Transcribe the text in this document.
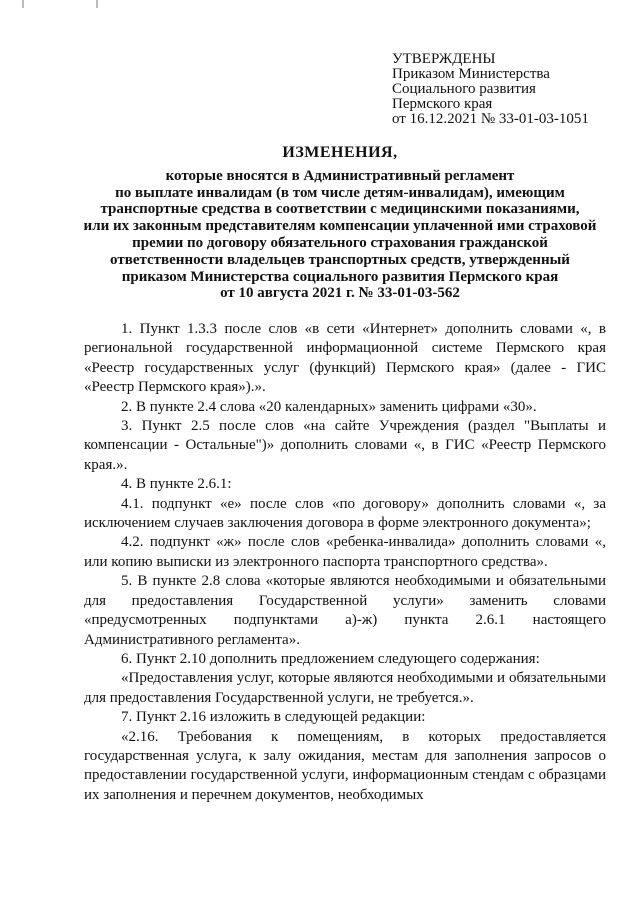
УТВЕРЖДЕНЫ
Приказом Министерства
Социального развития
Пермского края
от 16.12.2021 № 33-01-03-1051
ИЗМЕНЕНИЯ,
которые вносятся в Административный регламент
по выплате инвалидам (в том числе детям-инвалидам), имеющим
транспортные средства в соответствии с медицинскими показаниями,
или их законным представителям компенсации уплаченной ими страховой
премии по договору обязательного страхования гражданской
ответственности владельцев транспортных средств, утвержденный
приказом Министерства социального развития Пермского края
от 10 августа 2021 г. № 33-01-03-562

1. Пункт 1.3.3 после слов «в сети «Интернет» дополнить словами «, в региональной государственной информационной системе Пермского края «Реестр государственных услуг (функций) Пермского края» (далее - ГИС «Реестр Пермского края»).».

2. В пункте 2.4 слова «20 календарных» заменить цифрами «30».

3. Пункт 2.5 после слов «на сайте Учреждения (раздел "Выплаты и компенсации - Остальные")» дополнить словами «, в ГИС «Реестр Пермского края.».

4. В пункте 2.6.1:

4.1. подпункт «е» после слов «по договору» дополнить словами «, за исключением случаев заключения договора в форме электронного документа»;

4.2. подпункт «ж» после слов «ребенка-инвалида» дополнить словами «, или копию выписки из электронного паспорта транспортного средства».

5. В пункте 2.8 слова «которые являются необходимыми и обязательными для предоставления Государственной услуги» заменить словами «предусмотренных подпунктами а)-ж) пункта 2.6.1 настоящего Административного регламента».

6. Пункт 2.10 дополнить предложением следующего содержания:

«Предоставления услуг, которые являются необходимыми и обязательными для предоставления Государственной услуги, не требуется.».

7. Пункт 2.16 изложить в следующей редакции:

«2.16. Требования к помещениям, в которых предоставляется государственная услуга, к залу ожидания, местам для заполнения запросов о предоставлении государственной услуги, информационным стендам с образцами их заполнения и перечнем документов, необходимых
